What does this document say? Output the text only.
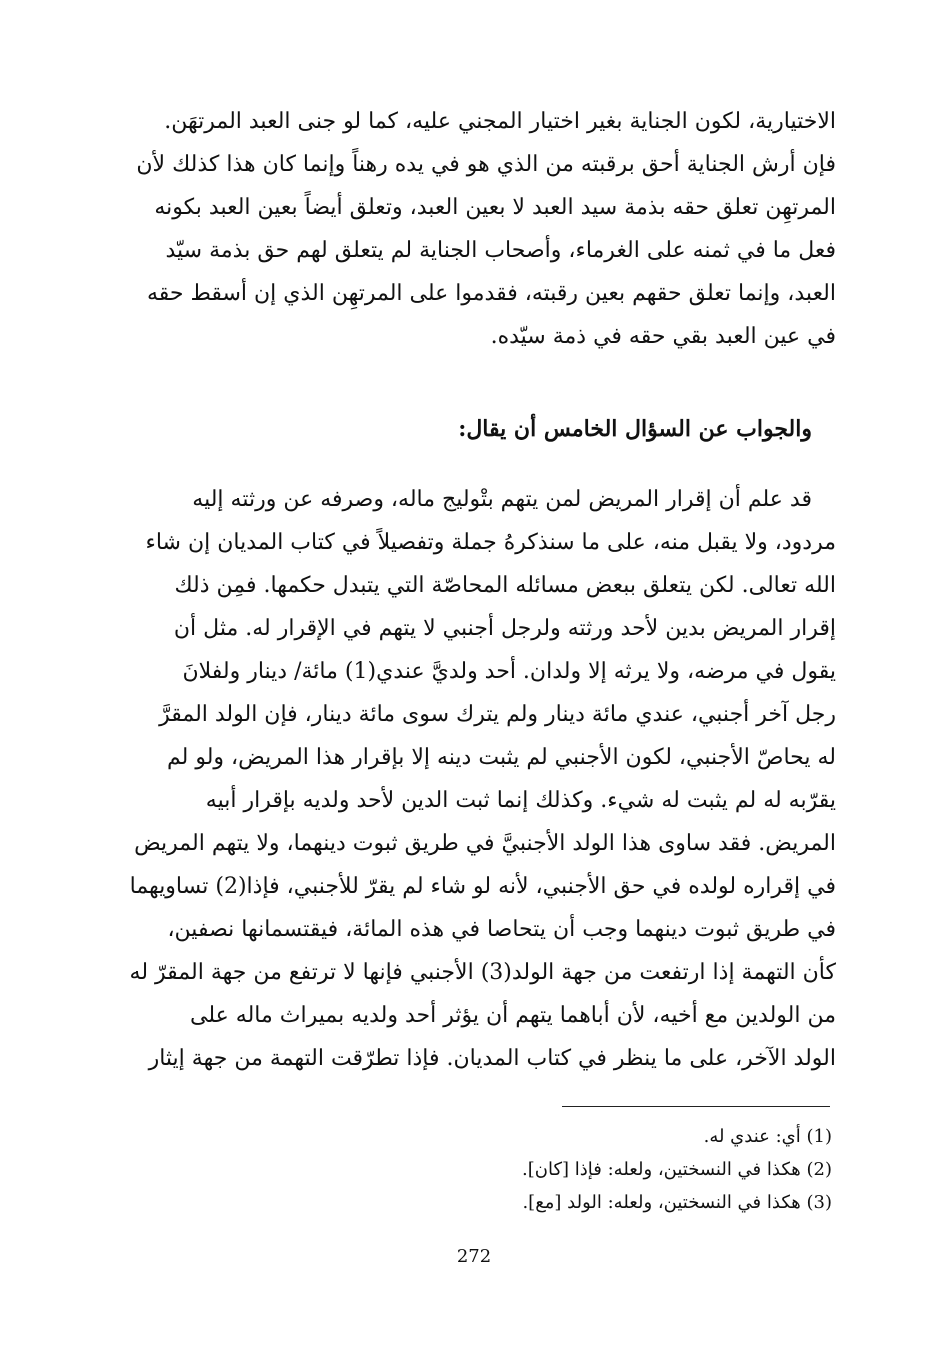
الاختيارية، لكون الجناية بغير اختيار المجني عليه، كما لو جنى العبد المرتهَن.
فإن أرش الجناية أحق برقبته من الذي هو في يده رهناً وإنما كان هذا كذلك لأن
المرتهِن تعلق حقه بذمة سيد العبد لا بعين العبد، وتعلق أيضاً بعين العبد بكونه
فعل ما في ثمنه على الغرماء، وأصحاب الجناية لم يتعلق لهم حق بذمة سيّد
العبد، وإنما تعلق حقهم بعين رقبته، فقدموا على المرتهِن الذي إن أسقط حقه
في عين العبد بقي حقه في ذمة سيّده.
والجواب عن السؤال الخامس أن يقال:
قد علم أن إقرار المريض لمن يتهم بتْوليج ماله، وصرفه عن ورثته إليه
مردود، ولا يقبل منه، على ما سنذكرهُ جملة وتفصيلاً في كتاب المديان إن شاء
الله تعالى. لكن يتعلق ببعض مسائله المحاصّة التي يتبدل حكمها. فمِن ذلك
إقرار المريض بدين لأحد ورثته ولرجل أجنبي لا يتهم في الإقرار له. مثل أن
يقول في مرضه، ولا يرثه إلا ولدان. أحد ولديَّ عندي(1) مائة/ دينار ولفلانَ
رجل آخر أجنبي، عندي مائة دينار ولم يترك سوى مائة دينار، فإن الولد المقرَّ
له يحاصّ الأجنبي، لكون الأجنبي لم يثبت دينه إلا بإقرار هذا المريض، ولو لم
يقرّبه له لم يثبت له شيء. وكذلك إنما ثبت الدين لأحد ولديه بإقرار أبيه
المريض. فقد ساوى هذا الولد الأجنبيَّ في طريق ثبوت دينهما، ولا يتهم المريض
في إقراره لولده في حق الأجنبي، لأنه لو شاء لم يقرّ للأجنبي، فإذا(2) تساويهما
في طريق ثبوت دينهما وجب أن يتحاصا في هذه المائة، فيقتسمانها نصفين،
كأن التهمة إذا ارتفعت من جهة الولد(3) الأجنبي فإنها لا ترتفع من جهة المقرّ له
من الولدين مع أخيه، لأن أباهما يتهم أن يؤثر أحد ولديه بميراث ماله على
الولد الآخر، على ما ينظر في كتاب المديان. فإذا تطرّقت التهمة من جهة إيثار
(1) أي: عندي له.
(2) هكذا في النسختين، ولعله: فإذا [كان].
(3) هكذا في النسختين، ولعله: الولد [مع].
272
